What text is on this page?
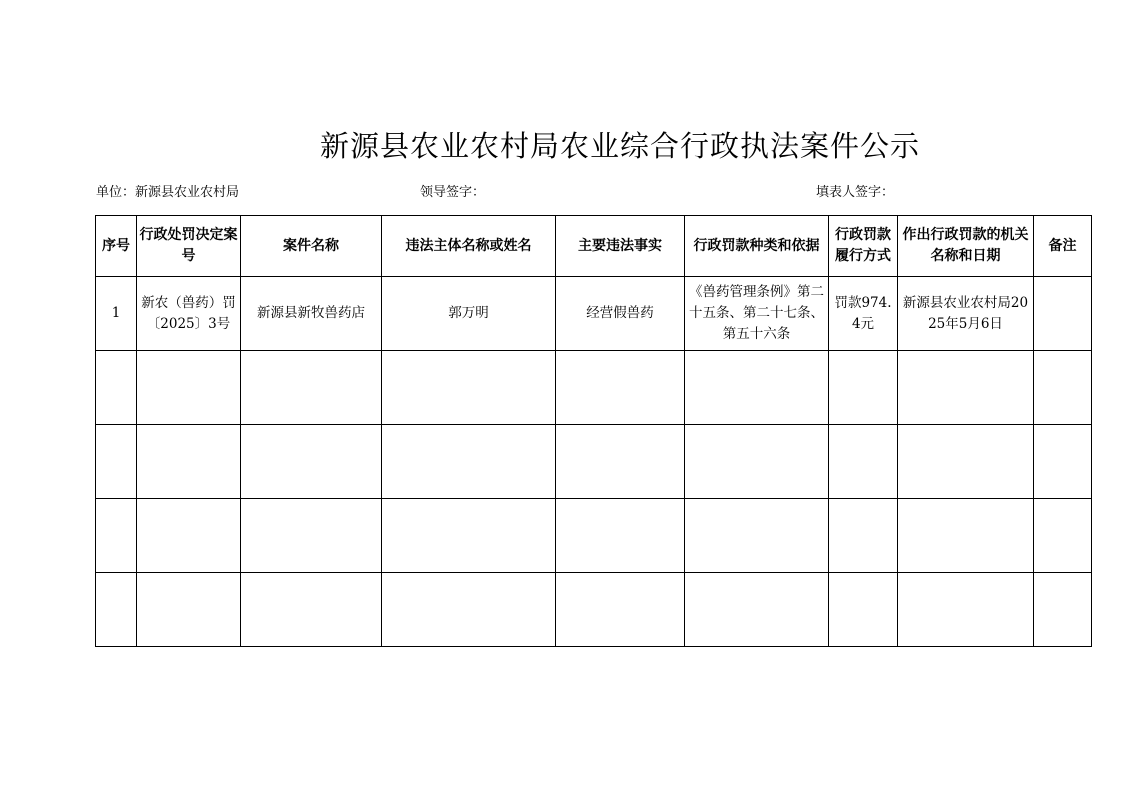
新源县农业农村局农业综合行政执法案件公示
单位：新源县农业农村局	领导签字：	填表人签字：
序号	行政处罚决定案号	案件名称	违法主体名称或姓名	主要违法事实	行政罚款种类和依据	行政罚款履行方式	作出行政罚款的机关名称和日期	备注
1	新农（兽药）罚〔2025〕3号	新源县新牧兽药店	郭万明	经营假兽药	《兽药管理条例》第二十五条、第二十七条、第五十六条	罚款974.4元	新源县农业农村局2025年5月6日	
